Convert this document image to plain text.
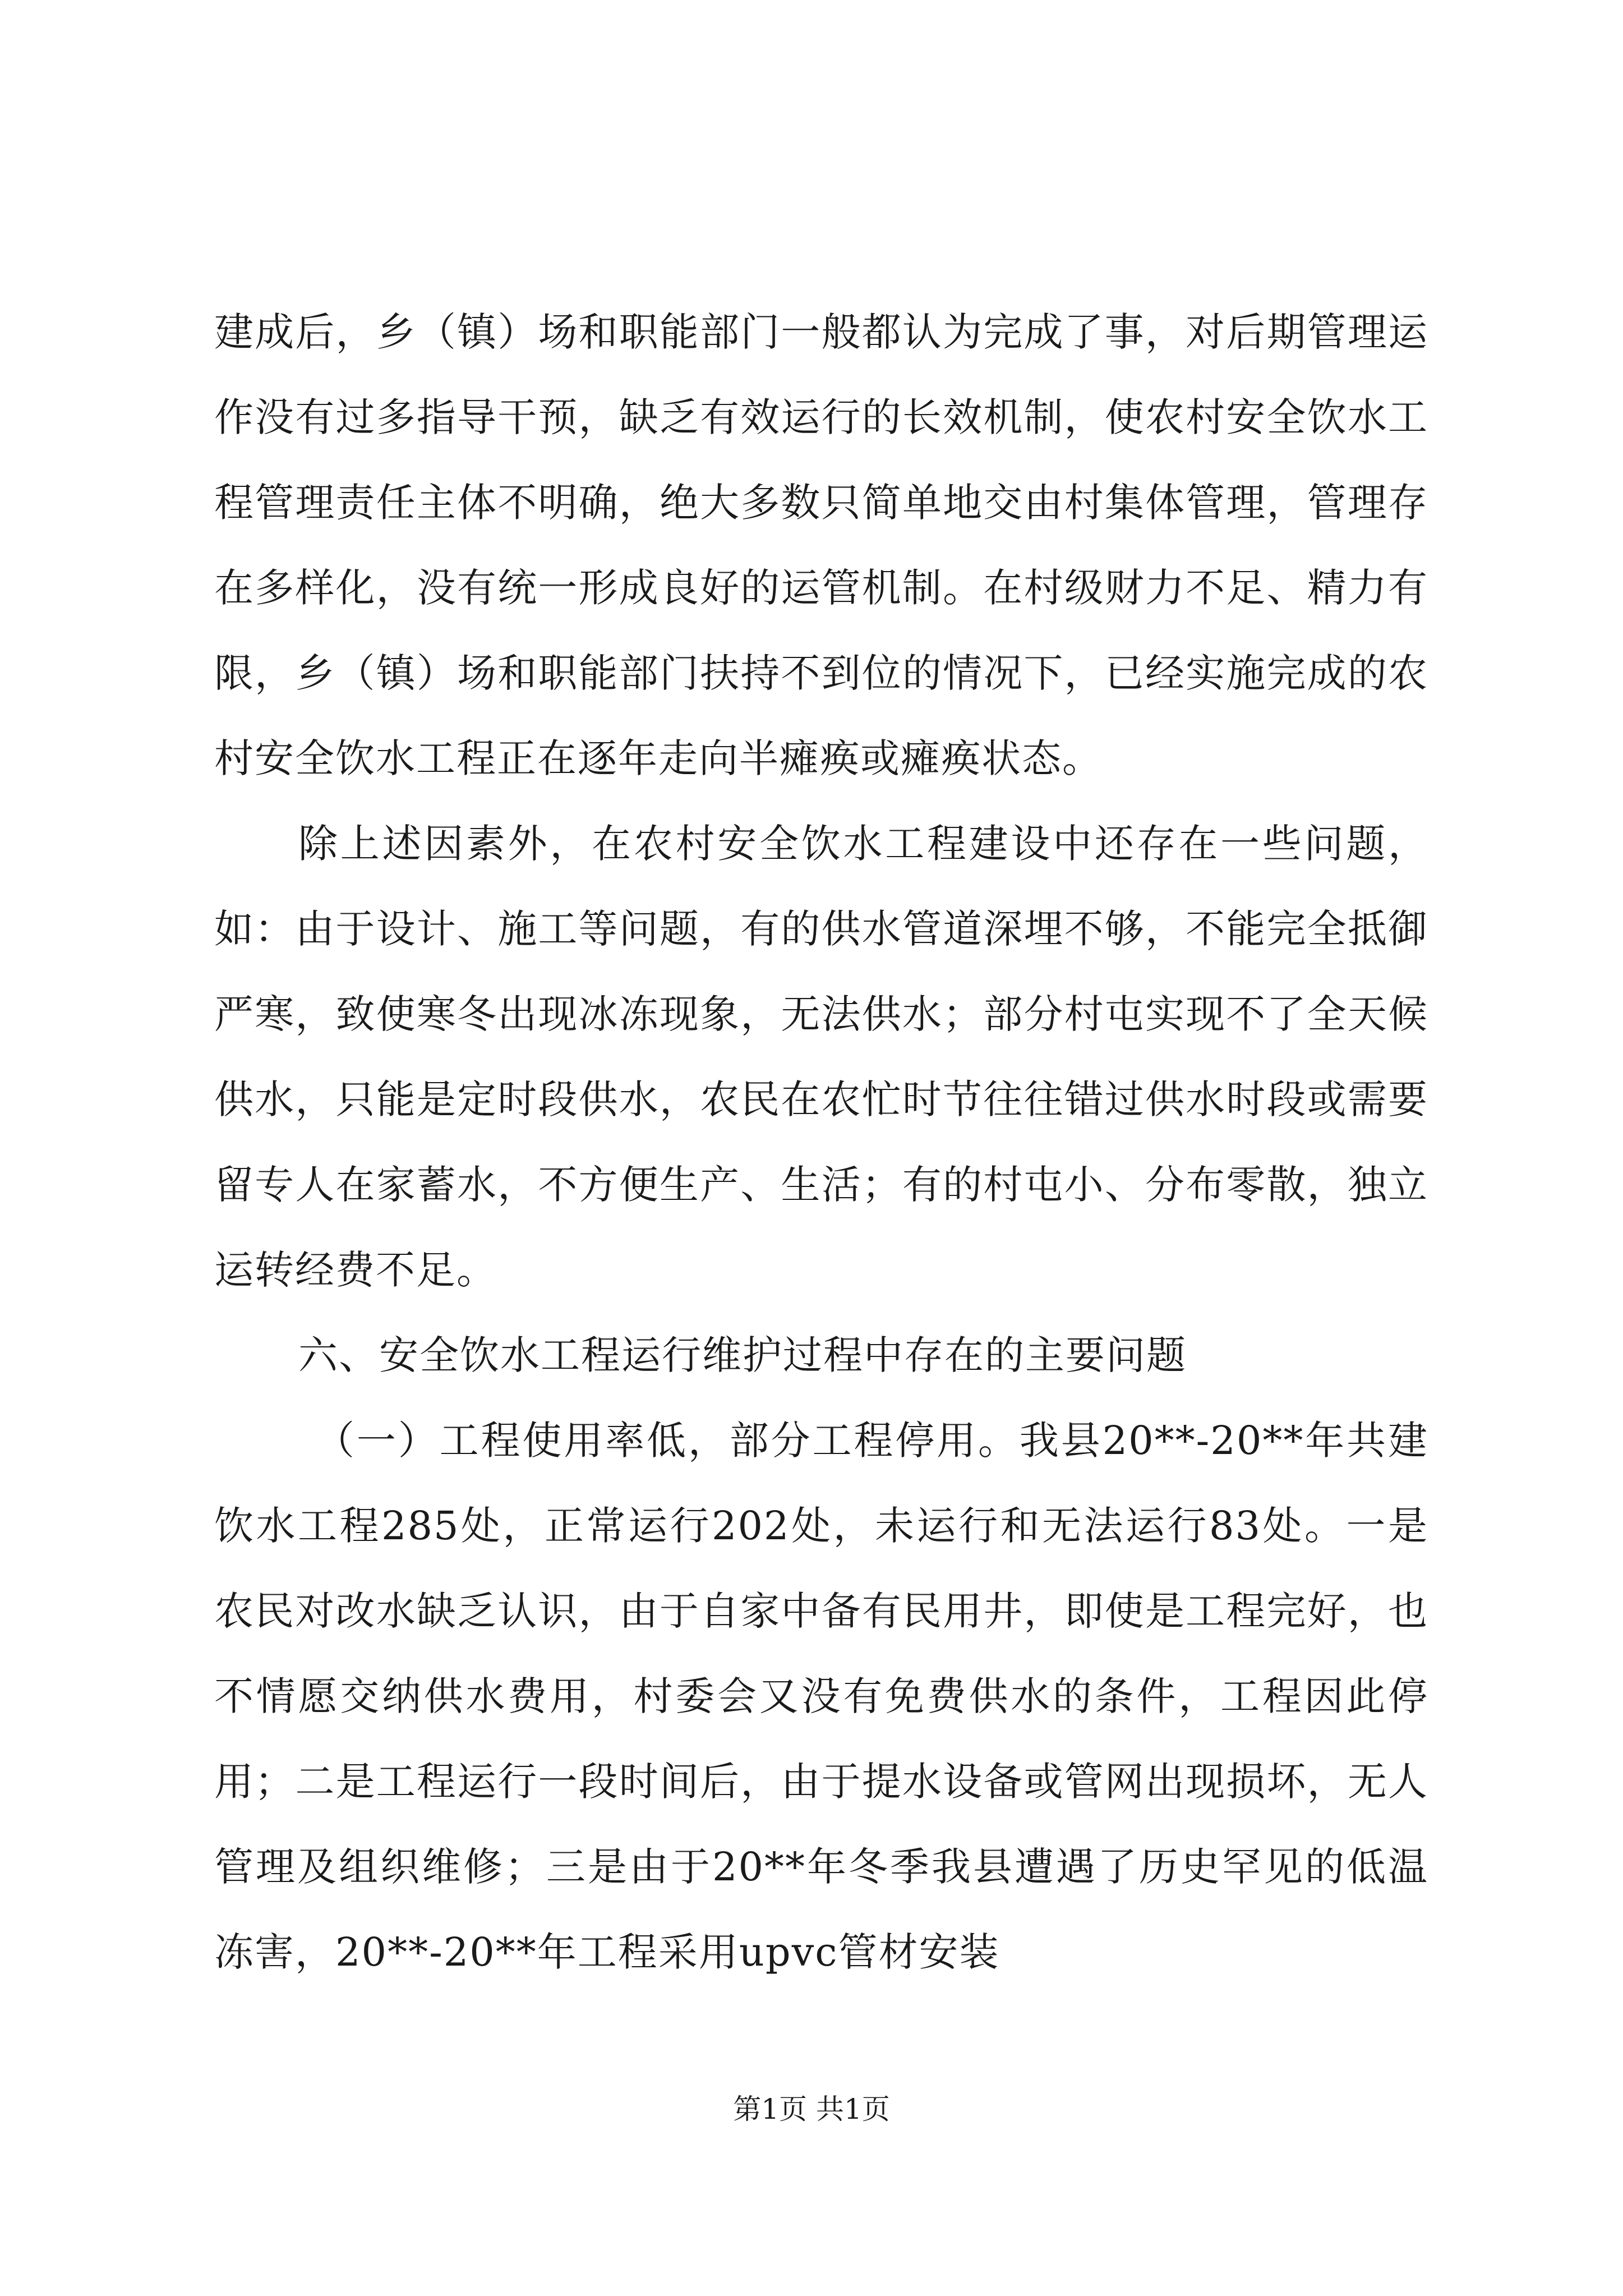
建成后，乡（镇）场和职能部门一般都认为完成了事，对后期管理运作没有过多指导干预，缺乏有效运行的长效机制，使农村安全饮水工程管理责任主体不明确，绝大多数只简单地交由村集体管理，管理存在多样化，没有统一形成良好的运管机制。在村级财力不足、精力有限，乡（镇）场和职能部门扶持不到位的情况下，已经实施完成的农村安全饮水工程正在逐年走向半瘫痪或瘫痪状态。

除上述因素外，在农村安全饮水工程建设中还存在一些问题，如：由于设计、施工等问题，有的供水管道深埋不够，不能完全抵御严寒，致使寒冬出现冰冻现象，无法供水；部分村屯实现不了全天候供水，只能是定时段供水，农民在农忙时节往往错过供水时段或需要留专人在家蓄水，不方便生产、生活；有的村屯小、分布零散，独立运转经费不足。

六、安全饮水工程运行维护过程中存在的主要问题

（一）工程使用率低，部分工程停用。我县20**-20**年共建饮水工程285处，正常运行202处，未运行和无法运行83处。一是农民对改水缺乏认识，由于自家中备有民用井，即使是工程完好，也不情愿交纳供水费用，村委会又没有免费供水的条件，工程因此停用；二是工程运行一段时间后，由于提水设备或管网出现损坏，无人管理及组织维修；三是由于20**年冬季我县遭遇了历史罕见的低温冻害，20**-20**年工程采用upvc管材安装

第1页 共1页
